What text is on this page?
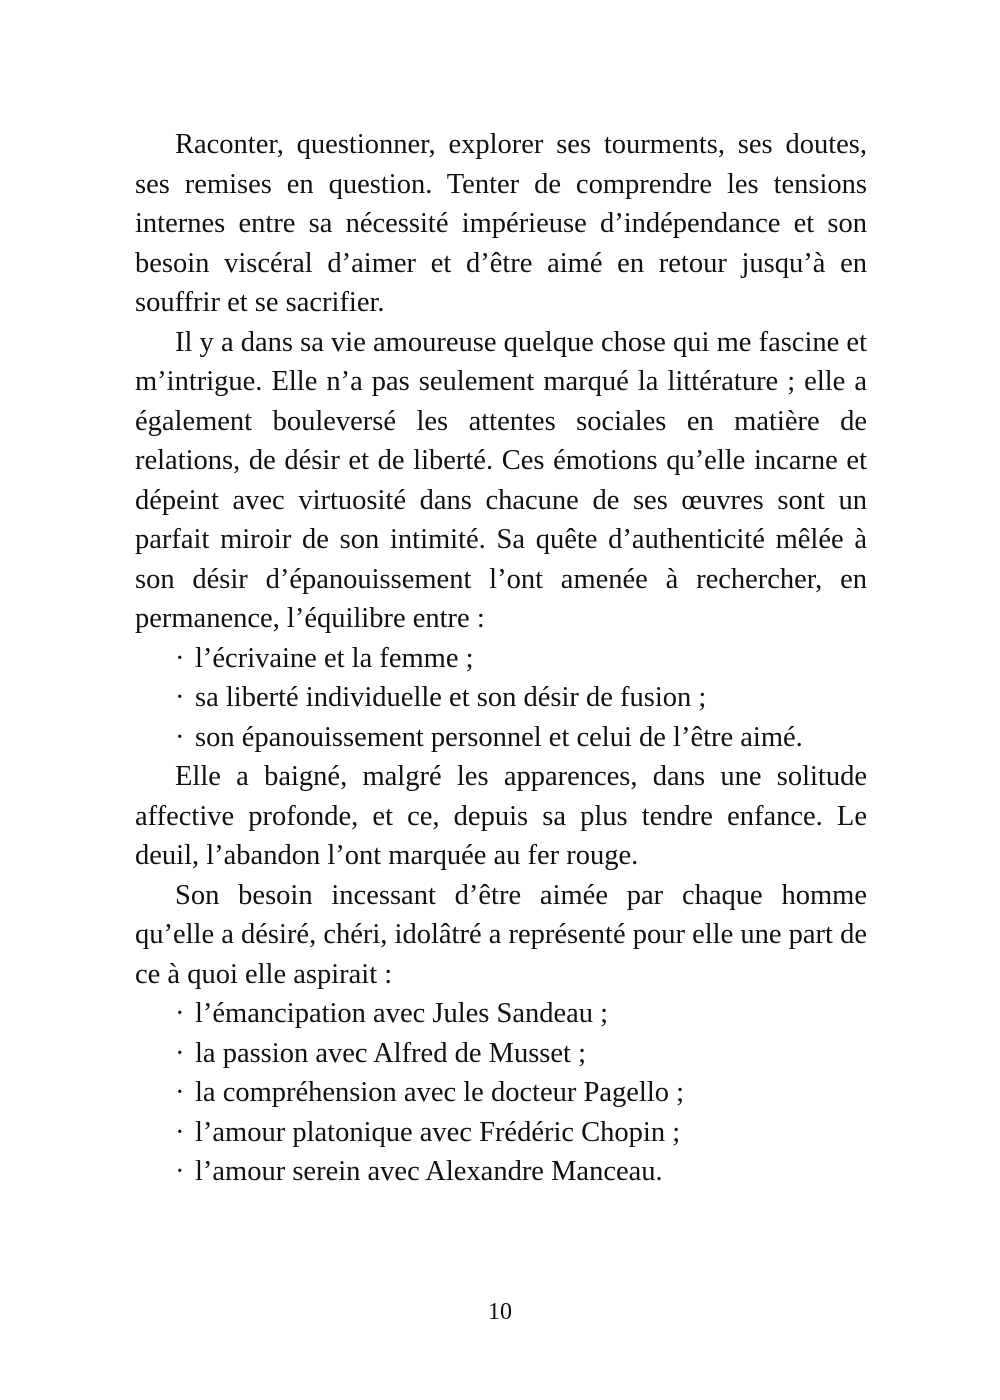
Raconter, questionner, explorer ses tourments, ses doutes, ses remises en question. Tenter de comprendre les tensions internes entre sa nécessité impérieuse d’indépendance et son besoin viscéral d’aimer et d’être aimé en retour jusqu’à en souffrir et se sacrifier.

Il y a dans sa vie amoureuse quelque chose qui me fascine et m’intrigue. Elle n’a pas seulement marqué la littérature ; elle a également bouleversé les attentes sociales en matière de relations, de désir et de liberté. Ces émotions qu’elle incarne et dépeint avec virtuosité dans chacune de ses œuvres sont un parfait miroir de son intimité. Sa quête d’authenticité mêlée à son désir d’épanouissement l’ont amenée à rechercher, en permanence, l’équilibre entre :

· l’écrivaine et la femme ;
· sa liberté individuelle et son désir de fusion ;
· son épanouissement personnel et celui de l’être aimé.

Elle a baigné, malgré les apparences, dans une solitude affective profonde, et ce, depuis sa plus tendre enfance. Le deuil, l’abandon l’ont marquée au fer rouge.

Son besoin incessant d’être aimée par chaque homme qu’elle a désiré, chéri, idolâtré a représenté pour elle une part de ce à quoi elle aspirait :

· l’émancipation avec Jules Sandeau ;
· la passion avec Alfred de Musset ;
· la compréhension avec le docteur Pagello ;
· l’amour platonique avec Frédéric Chopin ;
· l’amour serein avec Alexandre Manceau.
10
